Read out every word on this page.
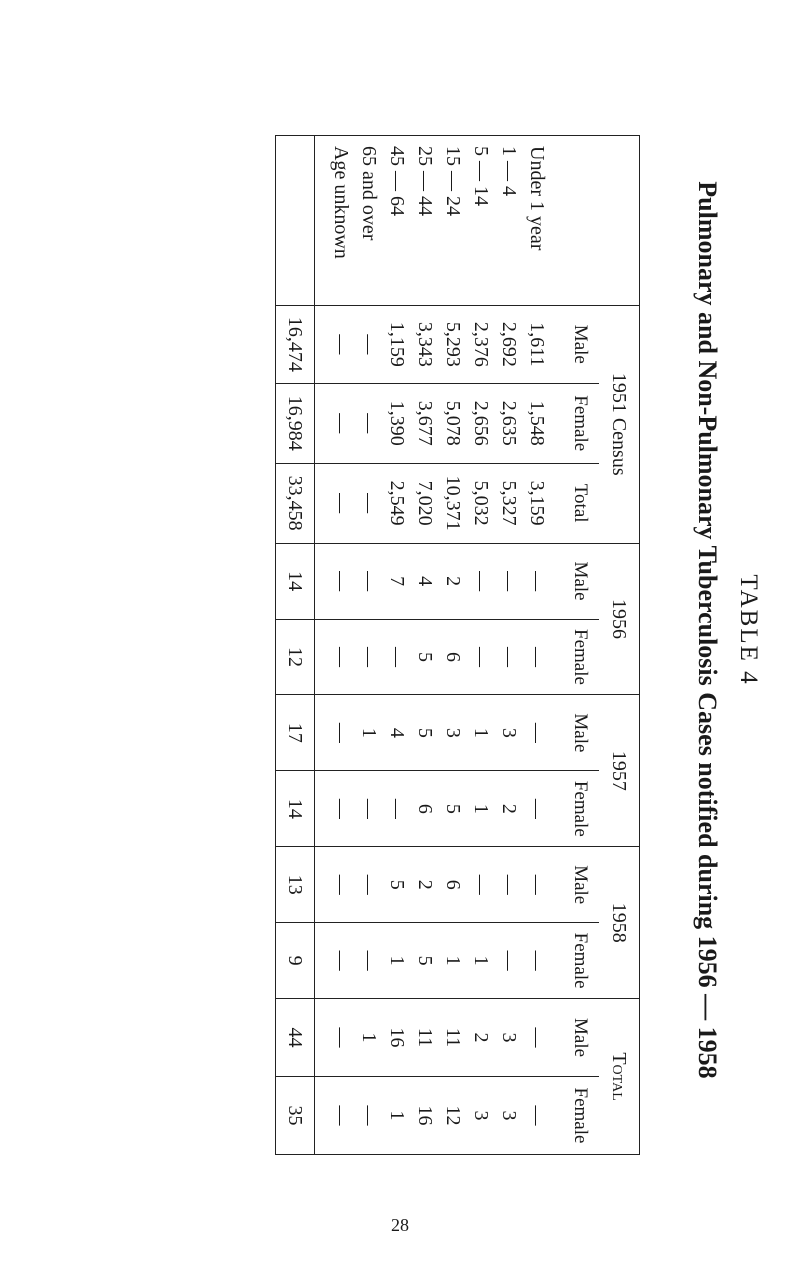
TABLE 4
Pulmonary and Non-Pulmonary Tuberculosis Cases notified during 1956 — 1958
	1951 Census			1956		1957		1958		Total	
	Male	Female	Total	Male	Female	Male	Female	Male	Female	Male	Female
Under 1 year	1,611	1,548	3,159	—	—	—	—	—	—	—	—
1 — 4	2,692	2,635	5,327	—	—	3	2	—	—	3	3
5 — 14	2,376	2,656	5,032	—	—	1	1	—	1	2	3
15 — 24	5,293	5,078	10,371	2	6	3	5	6	1	11	12
25 — 44	3,343	3,677	7,020	4	5	5	6	2	5	11	16
45 — 64	1,159	1,390	2,549	7	—	4	—	5	1	16	1
65 and over	—	—	—	—	—	1	—	—	—	1	—
Age unknown	—	—	—	—	—	—	—	—	—	—	—
	16,474	16,984	33,458	14	12	17	14	13	9	44	35
28
